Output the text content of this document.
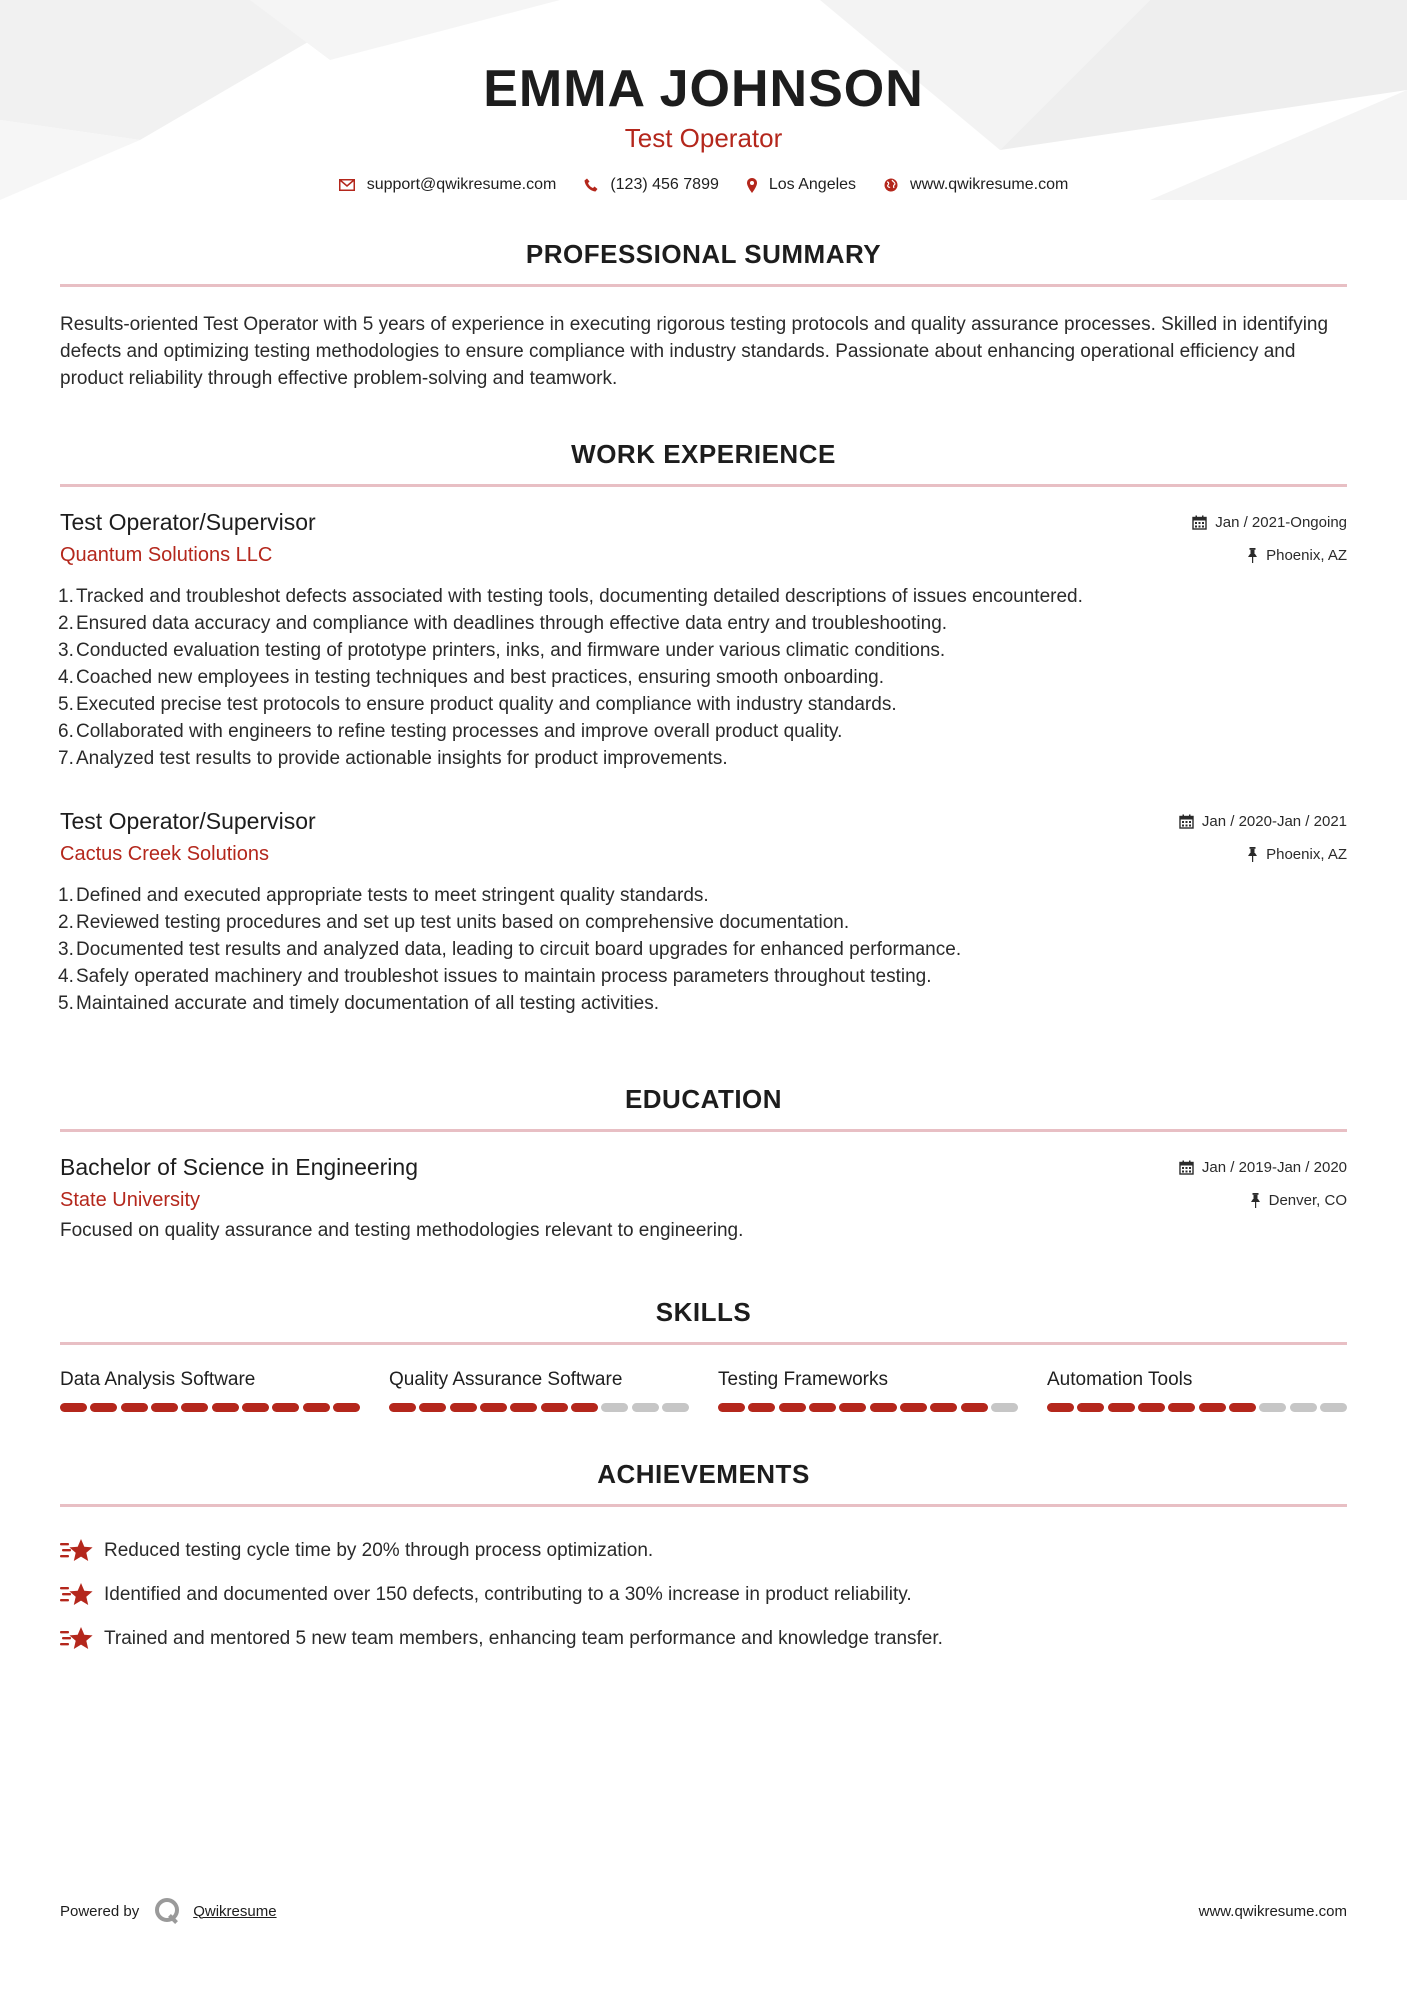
EMMA JOHNSON
Test Operator
support@qwikresume.com	(123) 456 7899	Los Angeles	www.qwikresume.com
PROFESSIONAL SUMMARY

Results-oriented Test Operator with 5 years of experience in executing rigorous testing protocols and quality assurance processes. Skilled in identifying defects and optimizing testing methodologies to ensure compliance with industry standards. Passionate about enhancing operational efficiency and product reliability through effective problem-solving and teamwork.

WORK EXPERIENCE
Test Operator/Supervisor	Jan / 2021-Ongoing
Quantum Solutions LLC	Phoenix, AZ
1. Tracked and troubleshot defects associated with testing tools, documenting detailed descriptions of issues encountered.
2. Ensured data accuracy and compliance with deadlines through effective data entry and troubleshooting.
3. Conducted evaluation testing of prototype printers, inks, and firmware under various climatic conditions.
4. Coached new employees in testing techniques and best practices, ensuring smooth onboarding.
5. Executed precise test protocols to ensure product quality and compliance with industry standards.
6. Collaborated with engineers to refine testing processes and improve overall product quality.
7. Analyzed test results to provide actionable insights for product improvements.
Test Operator/Supervisor	Jan / 2020-Jan / 2021
Cactus Creek Solutions	Phoenix, AZ
1. Defined and executed appropriate tests to meet stringent quality standards.
2. Reviewed testing procedures and set up test units based on comprehensive documentation.
3. Documented test results and analyzed data, leading to circuit board upgrades for enhanced performance.
4. Safely operated machinery and troubleshot issues to maintain process parameters throughout testing.
5. Maintained accurate and timely documentation of all testing activities.
EDUCATION
Bachelor of Science in Engineering	Jan / 2019-Jan / 2020
State University	Denver, CO

Focused on quality assurance and testing methodologies relevant to engineering.

SKILLS
Data Analysis Software	Quality Assurance Software	Testing Frameworks	Automation Tools
ACHIEVEMENTS
Reduced testing cycle time by 20% through process optimization.
Identified and documented over 150 defects, contributing to a 30% increase in product reliability.
Trained and mentored 5 new team members, enhancing team performance and knowledge transfer.
Powered by	Qwikresume	www.qwikresume.com
